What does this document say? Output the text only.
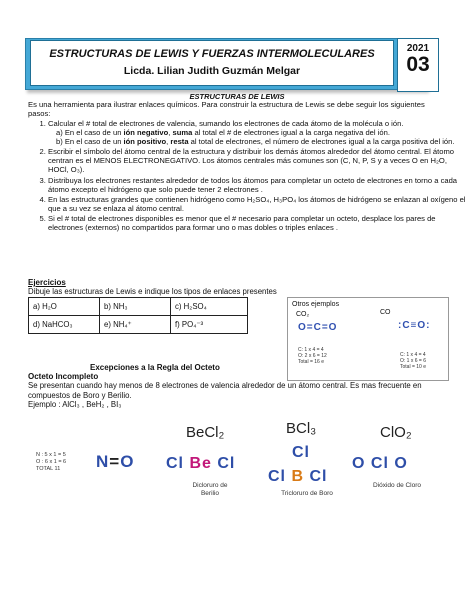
ESTRUCTURAS DE LEWIS Y FUERZAS INTERMOLECULARES
Licda. Lilian Judith Guzmán Melgar
2021
03
ESTRUCTURAS DE LEWIS
Es una herramienta para ilustrar enlaces químicos. Para construir la estructura de Lewis se debe seguir los siguientes pasos:
1. Calcular el # total de electrones de valencia, sumando los electrones de cada átomo de la molécula o ión.
a) En el caso de un ión negativo, suma al total el # de electrones igual a la carga negativa del ión.
b) En el caso de un ión positivo, resta al total de electrones, el número de electrones igual a la carga positiva del ión.
2. Escribir el símbolo del átomo central de la estructura y distribuir los demás átomos alrededor del átomo central. El átomo centran es el MENOS ELECTRONEGATIVO. Los átomos centrales más comunes son (C, N, P, S y a veces O en H₂O, HOCl, O₃).
3. Distribuya los electrones restantes alrededor de todos los átomos para completar un octeto de electrones en torno a cada átomo excepto el hidrógeno que solo puede tener 2 electrones .
4. En las estructuras grandes que contienen hidrógeno como H₂SO₄, H₃PO₄ los átomos de hidrógeno se enlazan al oxígeno el que a su vez se enlaza al átomo central.
5. Si el # total de electrones disponibles es menor que el # necesario para completar un octeto, desplace los pares de electrones (externos) no compartidos para formar uno o mas dobles o triples enlaces .
Ejercicios
Dibuje las estructuras de Lewis e indique los tipos de enlaces presentes
a) H₂O	b) NH₃	c) H₂SO₄
d) NaHCO₃	e) NH₄⁺	f) PO₄⁻³
Otros ejemplos
CO₂
O=C=O
C: 1 x 4 = 4
O: 2 x 6 = 12
Total = 16 e
CO
:C≡O:
C: 1 x 4 = 4
O: 1 x 6 = 6
Total = 10 e
Excepciones a la Regla del Octeto
Octeto Incompleto
Se presentan cuando hay menos de 8 electrones de valencia alrededor de un átomo central. Es mas frecuente en compuestos de Boro y Berilio.
Ejemplo : AlCl₃ , BeH₂ , BI₃
N : 5 x 1 = 5
O : 6 x 1 = 6
TOTAL 11	N=O
BeCl₂
Cl Be Cl
Dicloruro de
Berilio
BCl₃
Cl
Cl B Cl
Tricloruro de Boro
ClO₂
O Cl O
Dióxido de Cloro
